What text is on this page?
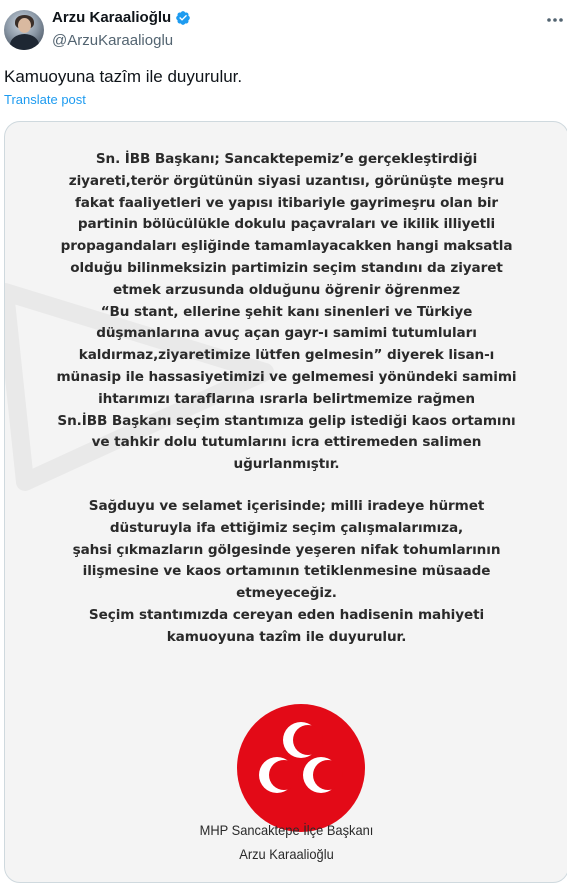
Arzu Karaalioğlu
@ArzuKaraalioglu
Kamuoyuna tazîm ile duyurulur.
Translate post
Sn. İBB Başkanı; Sancaktepemiz’e gerçekleştirdiği
ziyareti,terör örgütünün siyasi uzantısı, görünüşte meşru
fakat faaliyetleri ve yapısı itibariyle gayrimeşru olan bir
partinin bölücülükle dokulu paçavraları ve ikilik illiyetli
propagandaları eşliğinde tamamlayacakken hangi maksatla
olduğu bilinmeksizin partimizin seçim standını da ziyaret
etmek arzusunda olduğunu öğrenir öğrenmez
“Bu stant, ellerine şehit kanı sinenleri ve Türkiye
düşmanlarına avuç açan gayr-ı samimi tutumluları
kaldırmaz,ziyaretimize lütfen gelmesin” diyerek lisan-ı
münasip ile hassasiyetimizi ve gelmemesi yönündeki samimi
ihtarımızı taraflarına ısrarla belirtmemize rağmen
Sn.İBB Başkanı seçim stantımıza gelip istediği kaos ortamını
ve tahkir dolu tutumlarını icra ettiremeden salimen
uğurlanmıştır.
Sağduyu ve selamet içerisinde; milli iradeye hürmet
düsturuyla ifa ettiğimiz seçim çalışmalarımıza,
şahsi çıkmazların gölgesinde yeşeren nifak tohumlarının
ilişmesine ve kaos ortamının tetiklenmesine müsaade
etmeyeceğiz.
Seçim stantımızda cereyan eden hadisenin mahiyeti
kamuoyuna tazîm ile duyurulur.
MHP Sancaktepe İlçe Başkanı
Arzu Karaalioğlu
